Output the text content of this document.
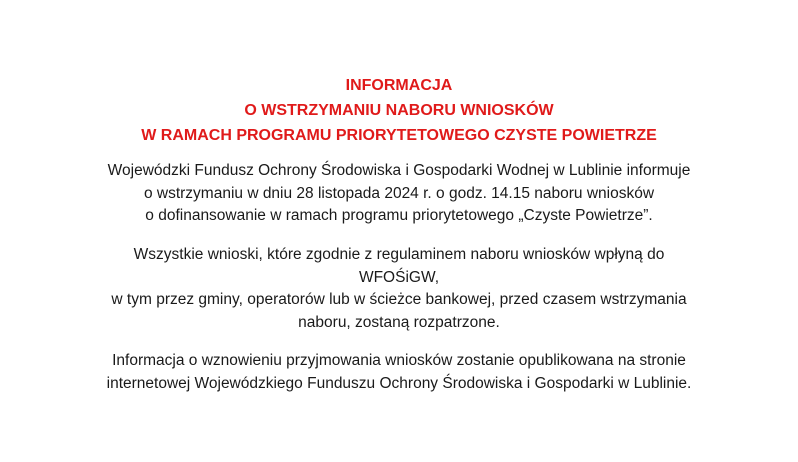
INFORMACJA
O WSTRZYMANIU NABORU WNIOSKÓW
W RAMACH PROGRAMU PRIORYTETOWEGO CZYSTE POWIETRZE
Wojewódzki Fundusz Ochrony Środowiska i Gospodarki Wodnej w Lublinie informuje
o wstrzymaniu w dniu 28 listopada 2024 r. o godz. 14.15 naboru wniosków
o dofinansowanie w ramach programu priorytetowego „Czyste Powietrze”.
Wszystkie wnioski, które zgodnie z regulaminem naboru wniosków wpłyną do
WFOŚiGW,
w tym przez gminy, operatorów lub w ścieżce bankowej, przed czasem wstrzymania
naboru, zostaną rozpatrzone.
Informacja o wznowieniu przyjmowania wniosków zostanie opublikowana na stronie
internetowej Wojewódzkiego Funduszu Ochrony Środowiska i Gospodarki w Lublinie.
